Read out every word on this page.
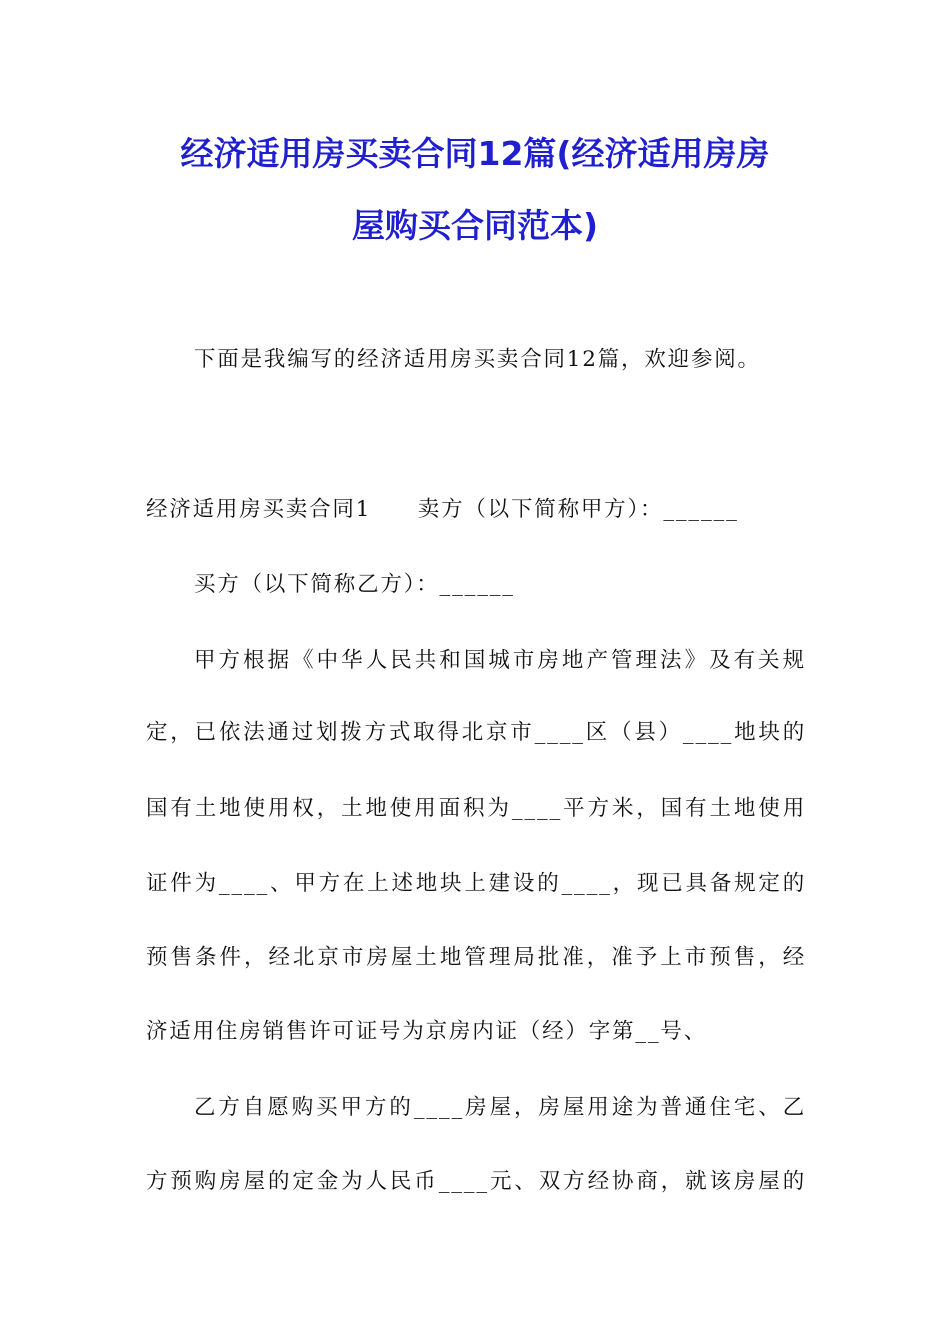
经济适用房买卖合同12篇(经济适用房房
屋购买合同范本)
下面是我编写的经济适用房买卖合同12篇，欢迎参阅。
经济适用房买卖合同1　　卖方（以下简称甲方）：______
买方（以下简称乙方）：______
甲方根据《中华人民共和国城市房地产管理法》及有关规
定，已依法通过划拨方式取得北京市____区（县）____地块的
国有土地使用权，土地使用面积为____平方米，国有土地使用
证件为____、甲方在上述地块上建设的____，现已具备规定的
预售条件，经北京市房屋土地管理局批准，准予上市预售，经
济适用住房销售许可证号为京房内证（经）字第__号、
乙方自愿购买甲方的____房屋，房屋用途为普通住宅、乙
方预购房屋的定金为人民币____元、双方经协商，就该房屋的
